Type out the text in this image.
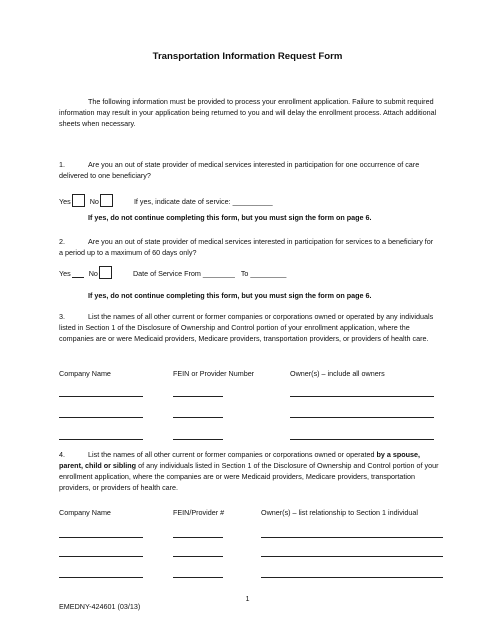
Transportation Information Request Form
The following information must be provided to process your enrollment application. Failure to submit required information may result in your application being returned to you and will delay the enrollment process. Attach additional sheets when necessary.
1.	Are you an out of state provider of medical services interested in participation for one occurrence of care delivered to one beneficiary?
Yes	No	If yes, indicate date of service: __________
If yes, do not continue completing this form, but you must sign the form on page 6.
2.	Are you an out of state provider of medical services interested in participation for services to a beneficiary for a period up to a maximum of 60 days only?
Yes	No	Date of Service From ________ To _________
If yes, do not continue completing this form, but you must sign the form on page 6.
3.	List the names of all other current or former companies or corporations owned or operated by any individuals listed in Section 1 of the Disclosure of Ownership and Control portion of your enrollment application, where the companies are or were Medicaid providers, Medicare providers, transportation providers, or providers of health care.
Company Name	FEIN or Provider Number	Owner(s) – include all owners
4.	List the names of all other current or former companies or corporations owned or operated by a spouse, parent, child or sibling of any individuals listed in Section 1 of the Disclosure of Ownership and Control portion of your enrollment application, where the companies are or were Medicaid providers, Medicare providers, transportation providers, or providers of health care.
Company Name	FEIN/Provider #	Owner(s) – list relationship to Section 1 individual
1
EMEDNY-424601 (03/13)
